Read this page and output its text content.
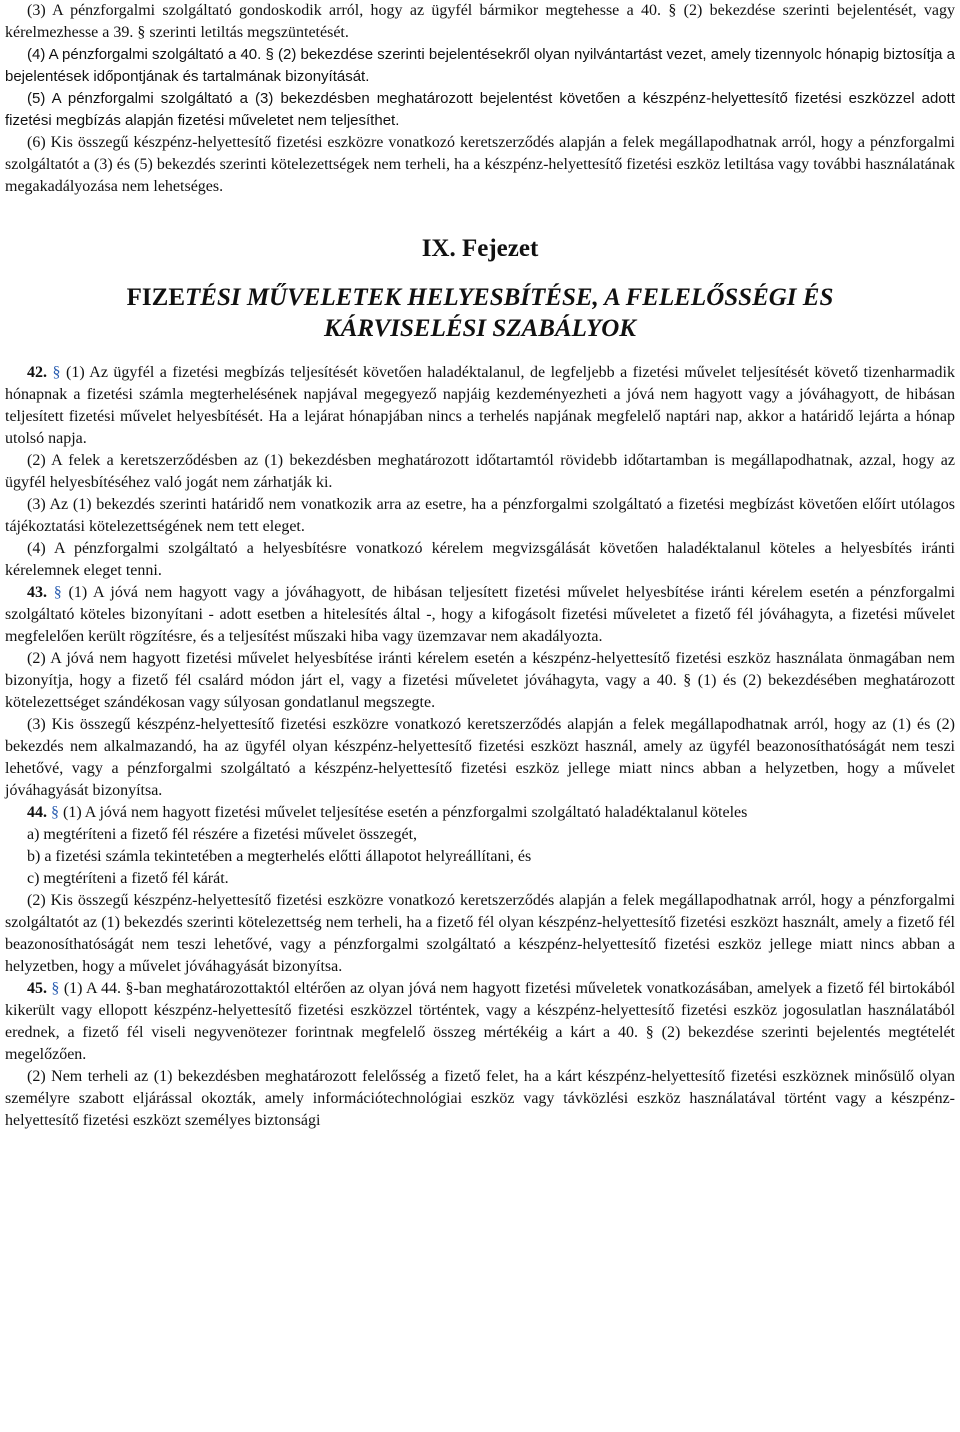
(3) A pénzforgalmi szolgáltató gondoskodik arról, hogy az ügyfél bármikor megtehesse a 40. § (2) bekezdése szerinti bejelentését, vagy kérelmezhesse a 39. § szerinti letiltás megszüntetését.

(4) A pénzforgalmi szolgáltató a 40. § (2) bekezdése szerinti bejelentésekről olyan nyilvántartást vezet, amely tizennyolc hónapig biztosítja a bejelentések időpontjának és tartalmának bizonyítását.

(5) A pénzforgalmi szolgáltató a (3) bekezdésben meghatározott bejelentést követően a készpénz-helyettesítő fizetési eszközzel adott fizetési megbízás alapján fizetési műveletet nem teljesíthet.

(6) Kis összegű készpénz-helyettesítő fizetési eszközre vonatkozó keretszerződés alapján a felek megállapodhatnak arról, hogy a pénzforgalmi szolgáltatót a (3) és (5) bekezdés szerinti kötelezettségek nem terheli, ha a készpénz-helyettesítő fizetési eszköz letiltása vagy további használatának megakadályozása nem lehetséges.

IX. Fejezet
FIZETÉSI MŰVELETEK HELYESBÍTÉSE, A FELELŐSSÉGI ÉS
KÁRVISELÉSI SZABÁLYOK

42. § (1) Az ügyfél a fizetési megbízás teljesítését követően haladéktalanul, de legfeljebb a fizetési művelet teljesítését követő tizenharmadik hónapnak a fizetési számla megterhelésének napjával megegyező napjáig kezdeményezheti a jóvá nem hagyott vagy a jóváhagyott, de hibásan teljesített fizetési művelet helyesbítését. Ha a lejárat hónapjában nincs a terhelés napjának megfelelő naptári nap, akkor a határidő lejárta a hónap utolsó napja.

(2) A felek a keretszerződésben az (1) bekezdésben meghatározott időtartamtól rövidebb időtartamban is megállapodhatnak, azzal, hogy az ügyfél helyesbítéséhez való jogát nem zárhatják ki.

(3) Az (1) bekezdés szerinti határidő nem vonatkozik arra az esetre, ha a pénzforgalmi szolgáltató a fizetési megbízást követően előírt utólagos tájékoztatási kötelezettségének nem tett eleget.

(4) A pénzforgalmi szolgáltató a helyesbítésre vonatkozó kérelem megvizsgálását követően haladéktalanul köteles a helyesbítés iránti kérelemnek eleget tenni.

43. § (1) A jóvá nem hagyott vagy a jóváhagyott, de hibásan teljesített fizetési művelet helyesbítése iránti kérelem esetén a pénzforgalmi szolgáltató köteles bizonyítani - adott esetben a hitelesítés által -, hogy a kifogásolt fizetési műveletet a fizető fél jóváhagyta, a fizetési művelet megfelelően került rögzítésre, és a teljesítést műszaki hiba vagy üzemzavar nem akadályozta.

(2) A jóvá nem hagyott fizetési művelet helyesbítése iránti kérelem esetén a készpénz-helyettesítő fizetési eszköz használata önmagában nem bizonyítja, hogy a fizető fél csalárd módon járt el, vagy a fizetési műveletet jóváhagyta, vagy a 40. § (1) és (2) bekezdésében meghatározott kötelezettséget szándékosan vagy súlyosan gondatlanul megszegte.

(3) Kis összegű készpénz-helyettesítő fizetési eszközre vonatkozó keretszerződés alapján a felek megállapodhatnak arról, hogy az (1) és (2) bekezdés nem alkalmazandó, ha az ügyfél olyan készpénz-helyettesítő fizetési eszközt használ, amely az ügyfél beazonosíthatóságát nem teszi lehetővé, vagy a pénzforgalmi szolgáltató a készpénz-helyettesítő fizetési eszköz jellege miatt nincs abban a helyzetben, hogy a művelet jóváhagyását bizonyítsa.

44. § (1) A jóvá nem hagyott fizetési művelet teljesítése esetén a pénzforgalmi szolgáltató haladéktalanul köteles

a) megtéríteni a fizető fél részére a fizetési művelet összegét,

b) a fizetési számla tekintetében a megterhelés előtti állapotot helyreállítani, és

c) megtéríteni a fizető fél kárát.

(2) Kis összegű készpénz-helyettesítő fizetési eszközre vonatkozó keretszerződés alapján a felek megállapodhatnak arról, hogy a pénzforgalmi szolgáltatót az (1) bekezdés szerinti kötelezettség nem terheli, ha a fizető fél olyan készpénz-helyettesítő fizetési eszközt használt, amely a fizető fél beazonosíthatóságát nem teszi lehetővé, vagy a pénzforgalmi szolgáltató a készpénz-helyettesítő fizetési eszköz jellege miatt nincs abban a helyzetben, hogy a művelet jóváhagyását bizonyítsa.

45. § (1) A 44. §-ban meghatározottaktól eltérően az olyan jóvá nem hagyott fizetési műveletek vonatkozásában, amelyek a fizető fél birtokából kikerült vagy ellopott készpénz-helyettesítő fizetési eszközzel történtek, vagy a készpénz-helyettesítő fizetési eszköz jogosulatlan használatából erednek, a fizető fél viseli negyvenötezer forintnak megfelelő összeg mértékéig a kárt a 40. § (2) bekezdése szerinti bejelentés megtételét megelőzően.

(2) Nem terheli az (1) bekezdésben meghatározott felelősség a fizető felet, ha a kárt készpénz-helyettesítő fizetési eszköznek minősülő olyan személyre szabott eljárással okozták, amely információtechnológiai eszköz vagy távközlési eszköz használatával történt vagy a készpénz-helyettesítő fizetési eszközt személyes biztonsági
